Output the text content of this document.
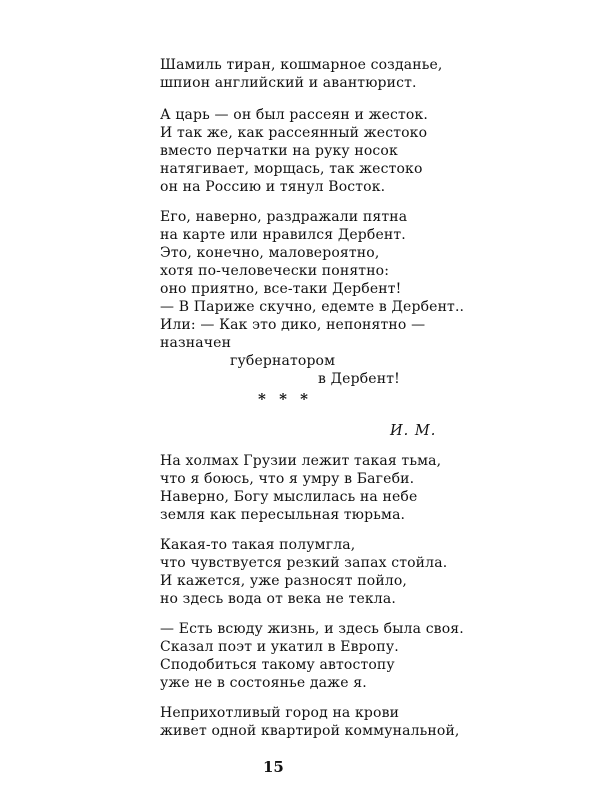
Шамиль тиран, кошмарное созданье,
шпион английский и авантюрист.
А царь — он был рассеян и жесток.
И так же, как рассеянный жестоко
вместо перчатки на руку носок
натягивает, морщась, так жестоко
он на Россию и тянул Восток.
Его, наверно, раздражали пятна
на карте или нравился Дербент.
Это, конечно, маловероятно,
хотя по-человечески понятно:
оно приятно, все-таки Дербент!
— В Париже скучно, едемте в Дербент..
Или: — Как это дико, непонятно —
назначен
губернатором
в Дербент!
* * *
И. М.
На холмах Грузии лежит такая тьма,
что я боюсь, что я умру в Багеби.
Наверно, Богу мыслилась на небе
земля как пересыльная тюрьма.
Какая-то такая полумгла,
что чувствуется резкий запах стойла.
И кажется, уже разносят пойло,
но здесь вода от века не текла.
— Есть всюду жизнь, и здесь была своя.
Сказал поэт и укатил в Европу.
Сподобиться такому автостопу
уже не в состоянье даже я.
Неприхотливый город на крови
живет одной квартирой коммунальной,
15
